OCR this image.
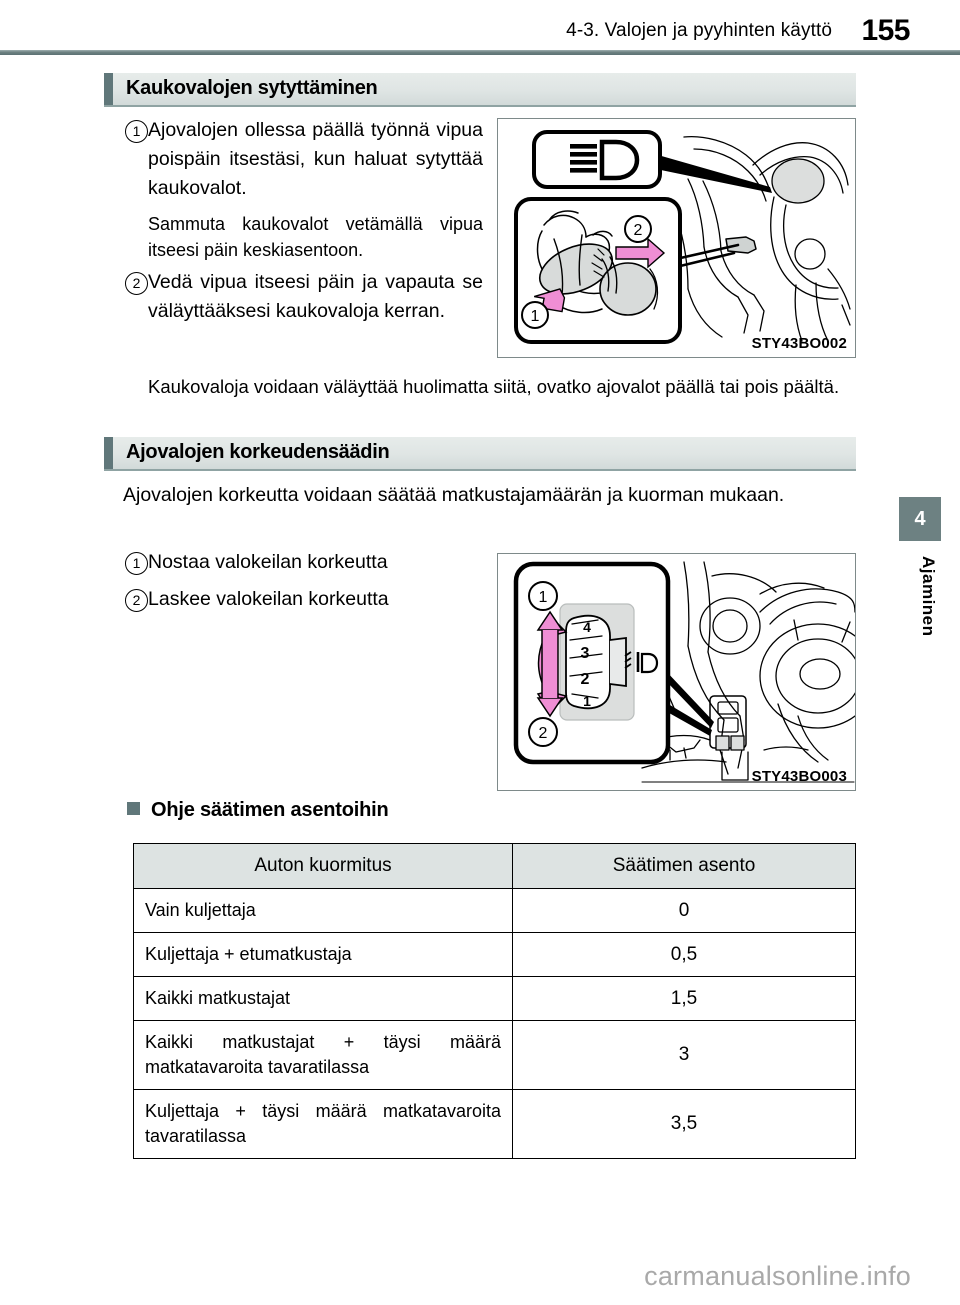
4-3. Valojen ja pyyhinten käyttö 155
Kaukovalojen sytyttäminen
1 Ajovalojen ollessa päällä työnnä vipua poispäin itsestäsi, kun haluat sytyttää kaukovalot.
Sammuta kaukovalot vetämällä vipua itseesi päin keskiasentoon.
2 Vedä vipua itseesi päin ja vapauta se väläyttääksesi kaukovaloja kerran.
Kaukovaloja voidaan väläyttää huolimatta siitä, ovatko ajovalot päällä tai pois päältä.
1
2
STY43BO002
Ajovalojen korkeudensäädin
Ajovalojen korkeutta voidaan säätää matkustajamäärän ja kuorman mukaan.
1 Nostaa valokeilan korkeutta
2 Laskee valokeilan korkeutta
4
3
2
1
1
2
STY43BO003
Ohje säätimen asentoihin
Auton kuormitus	Säätimen asento
Vain kuljettaja	0
Kuljettaja + etumatkustaja	0,5
Kaikki matkustajat	1,5
Kaikki matkustajat + täysi määrä matkatavaroita tavaratilassa	3
Kuljettaja + täysi määrä matkatavaroita tavaratilassa	3,5
4
Ajaminen
carmanualsonline.info
